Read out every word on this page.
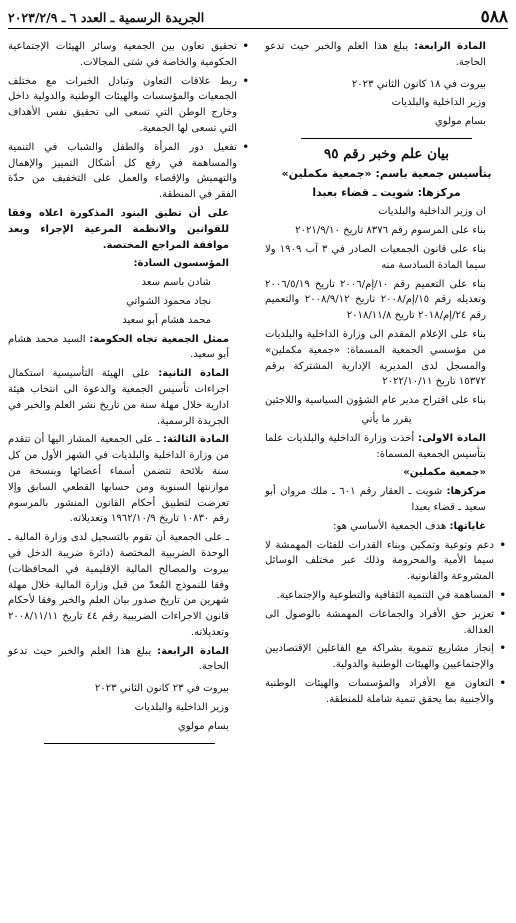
٥٨٨
الجريدة الرسمية ـ العدد ٦ ـ ٢٠٢٣/٢/٩

المادة الرابعة: يبلغ هذا العلم والخبر حيث تدعو الحاجة.

بيروت في ١٨ كانون الثاني ٢٠٢٣

وزير الداخلية والبلديات

بسام مولوي

بيان علم وخبر رقم ٩٥

بتأسيس جمعية باسم: «جمعية مكملين»

مركزها: شويت ـ قضاء بعبدا

ان وزير الداخلية والبلديات

بناء على المرسوم رقم ٨٣٧٦ تاريخ ٢٠٢١/٩/١٠

بناء على قانون الجمعيات الصادر في ٣ آب ١٩٠٩ ولا سيما المادة السادسة منه

بناء على التعميم رقم ١٠/إم/٢٠٠٦ تاريخ ٢٠٠٦/٥/١٩ وتعديله رقم ١٥/إم/٢٠٠٨ تاريخ ٢٠٠٨/٩/١٢ والتعميم رقم ٢٤/إم/٢٠١٨ تاريخ ٢٠١٨/١١/٨

بناء على الإعلام المقدم الى وزارة الداخلية والبلديات من مؤسسي الجمعية المسماة: «جمعية مكملين» والمسجل لدى المديرية الإدارية المشتركة برقم ١٥٣٧٢ تاريخ ٢٠٢٢/١٠/١١

بناء على اقتراح مدير عام الشؤون السياسية واللاجئين

يقرر ما يأتي

المادة الاولى: أخذت وزارة الداخلية والبلديات علما بتأسيس الجمعية المسماة:

«جمعية مكملين»

مركزها: شويت ـ العقار رقم ٦٠١ ـ ملك مروان أبو سعيد ـ قضاء بعبدا

غاياتها: هدف الجمعية الأساسي هو:

• دعم وتوعية وتمكين وبناء القدرات للفئات المهمشة لا سيما الأمية والمحرومة وذلك عبر مختلف الوسائل المشروعة والقانونية.

• المساهمة في التنمية الثقافية والتطوعية والإجتماعية.

• تعزيز حق الأفراد والجماعات المهمشة بالوصول الى العدالة.

• إنجاز مشاريع تنموية بشراكة مع الفاعلين الإقتصاديين والإجتماعيين والهيئات الوطنية والدولية.

• التعاون مع الأفراد والمؤسسات والهيئات الوطنية والأجنبية بما يحقق تنمية شاملة للمنطقة.

• تحقيق تعاون بين الجمعية وسائر الهيئات الإجتماعية الحكومية والخاصة في شتى المجالات.

• ربط علاقات التعاون وتبادل الخبرات مع مختلف الجمعيات والمؤسسات والهيئات الوطنية والدولية داخل وخارج الوطن التي تسعى الى تحقيق نفس الأهداف التي تسعى لها الجمعية.

• تفعيل دور المرأة والطفل والشباب في التنمية والمساهمة في رفع كل أشكال التمييز والإهمال والتهميش والإقصاء والعمل على التخفيف من حدّة الفقر في المنطقة.

على أن تطبق البنود المذكورة اعلاه وفقا للقوانين والانظمة المرعية الإجراء وبعد موافقة المراجع المختصة.

المؤسسون السادة:

شادن باسم سعد

نجاد محمود الشواتي

محمد هشام أبو سعيد

ممثل الجمعية تجاه الحكومة: السيد محمد هشام أبو سعيد.

المادة الثانية: على الهيئة التأسيسية استكمال اجراءات تأسيس الجمعية والدعوة الى انتخاب هيئة ادارية خلال مهلة سنة من تاريخ نشر العلم والخبر في الجريدة الرسمية.

المادة الثالثة: ـ على الجمعية المشار اليها أن تتقدم من وزارة الداخلية والبلديات في الشهر الأول من كل سنة بلائحة تتضمن أسماء أعضائها وبنسخة من موازنتها السنوية ومن حسابها القطعي السابق وإلا تعرضت لتطبيق أحكام القانون المنشور بالمرسوم رقم ١٠٨٣٠ تاريخ ١٩٦٢/١٠/٩ وتعديلاته.

ـ على الجمعية أن تقوم بالتسجيل لدى وزارة المالية ـ الوحدة الضريبية المختصة (دائرة ضريبة الدخل في بيروت والمصالح المالية الإقليمية في المحافظات) وفقا للنموذج المُعدّ من قبل وزارة المالية خلال مهلة شهرين من تاريخ صدور بيان العلم والخبر وفقا لأحكام قانون الاجراءات الضريبية رقم ٤٤ تاريخ ٢٠٠٨/١١/١١ وتعديلاته.

المادة الرابعة: يبلغ هذا العلم والخبر حيث تدعو الحاجة.

بيروت في ٢٣ كانون الثاني ٢٠٢٣

وزير الداخلية والبلديات

بسام مولوي
